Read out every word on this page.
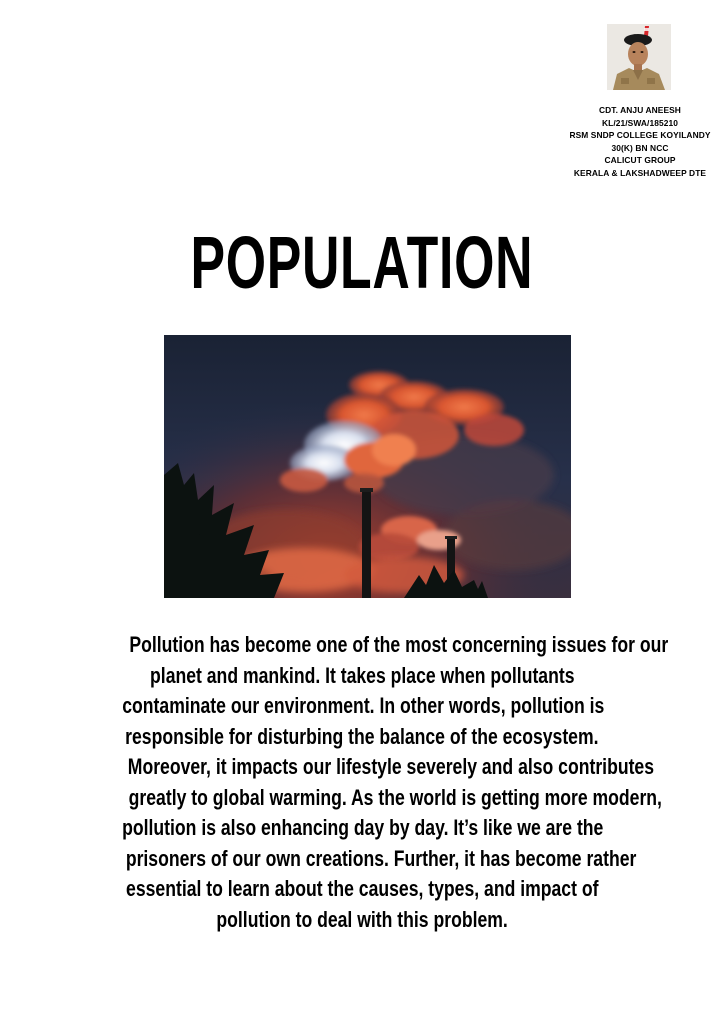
CDT. ANJU ANEESH
KL/21/SWA/185210
RSM SNDP COLLEGE KOYILANDY
30(K) BN NCC
CALICUT GROUP
KERALA & LAKSHADWEEP DTE
POPULATION
Pollution has become one of the most concerning issues for our
planet and mankind. It takes place when pollutants
contaminate our environment. In other words, pollution is
responsible for disturbing the balance of the ecosystem.
Moreover, it impacts our lifestyle severely and also contributes
greatly to global warming. As the world is getting more modern,
pollution is also enhancing day by day. It’s like we are the
prisoners of our own creations. Further, it has become rather
essential to learn about the causes, types, and impact of
pollution to deal with this problem.
